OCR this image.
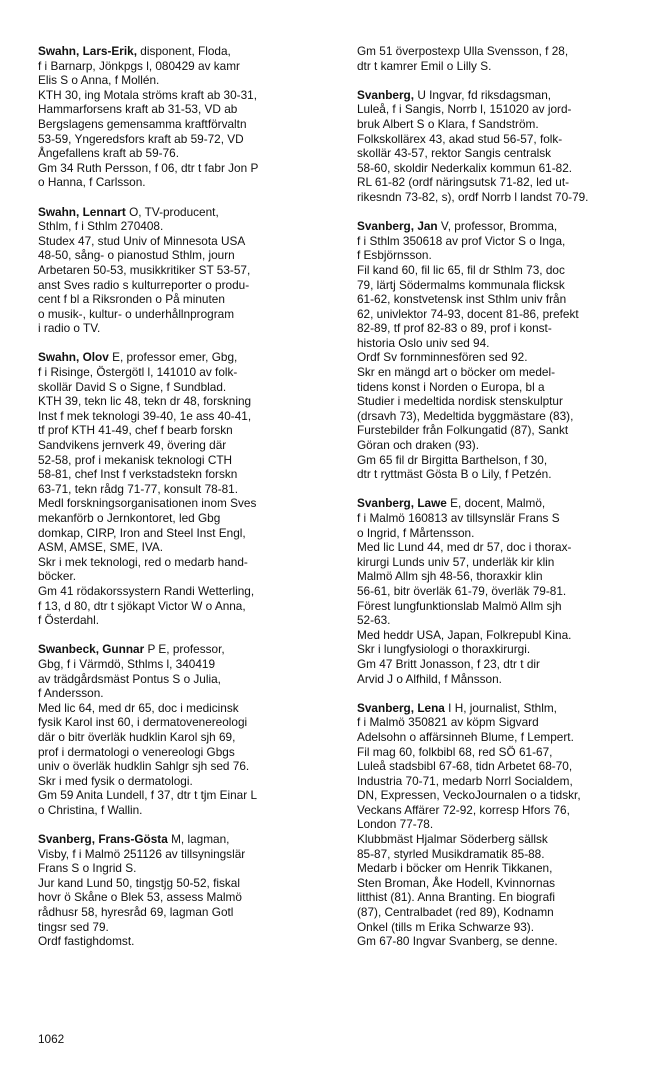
Swahn, Lars-Erik, disponent, Floda,
f i Barnarp, Jönkpgs l, 080429 av kamr
Elis S o Anna, f Mollén.
KTH 30, ing Motala ströms kraft ab 30-31,
Hammarforsens kraft ab 31-53, VD ab
Bergslagens gemensamma kraftförvaltn
53-59, Yngeredsfors kraft ab 59-72, VD
Ångefallens kraft ab 59-76.
Gm 34 Ruth Persson, f 06, dtr t fabr Jon P
o Hanna, f Carlsson.
Swahn, Lennart O, TV-producent,
Sthlm, f i Sthlm 270408.
Studex 47, stud Univ of Minnesota USA
48-50, sång- o pianostud Sthlm, journ
Arbetaren 50-53, musikkritiker ST 53-57,
anst Sves radio s kulturreporter o produ-
cent f bl a Riksronden o På minuten
o musik-, kultur- o underhållnprogram
i radio o TV.
Swahn, Olov E, professor emer, Gbg,
f i Risinge, Östergötl l, 141010 av folk-
skollär David S o Signe, f Sundblad.
KTH 39, tekn lic 48, tekn dr 48, forskning
Inst f mek teknologi 39-40, 1e ass 40-41,
tf prof KTH 41-49, chef f bearb forskn
Sandvikens jernverk 49, övering där
52-58, prof i mekanisk teknologi CTH
58-81, chef Inst f verkstadstekn forskn
63-71, tekn rådg 71-77, konsult 78-81.
Medl forskningsorganisationen inom Sves
mekanförb o Jernkontoret, led Gbg
domkap, CIRP, Iron and Steel Inst Engl,
ASM, AMSE, SME, IVA.
Skr i mek teknologi, red o medarb hand-
böcker.
Gm 41 rödakorssystern Randi Wetterling,
f 13, d 80, dtr t sjökapt Victor W o Anna,
f Österdahl.
Swanbeck, Gunnar P E, professor,
Gbg, f i Värmdö, Sthlms l, 340419
av trädgårdsmäst Pontus S o Julia,
f Andersson.
Med lic 64, med dr 65, doc i medicinsk
fysik Karol inst 60, i dermatovenereologi
där o bitr överläk hudklin Karol sjh 69,
prof i dermatologi o venereologi Gbgs
univ o överläk hudklin Sahlgr sjh sed 76.
Skr i med fysik o dermatologi.
Gm 59 Anita Lundell, f 37, dtr t tjm Einar L
o Christina, f Wallin.
Svanberg, Frans-Gösta M, lagman,
Visby, f i Malmö 251126 av tillsyningslär
Frans S o Ingrid S.
Jur kand Lund 50, tingstjg 50-52, fiskal
hovr ö Skåne o Blek 53, assess Malmö
rådhusr 58, hyresråd 69, lagman Gotl
tingsr sed 79.
Ordf fastighdomst.
Gm 51 överpostexp Ulla Svensson, f 28,
dtr t kamrer Emil o Lilly S.
Svanberg, U Ingvar, fd riksdagsman,
Luleå, f i Sangis, Norrb l, 151020 av jord-
bruk Albert S o Klara, f Sandström.
Folkskollärex 43, akad stud 56-57, folk-
skollär 43-57, rektor Sangis centralsk
58-60, skoldir Nederkalix kommun 61-82.
RL 61-82 (ordf näringsutsk 71-82, led ut-
rikesndn 73-82, s), ordf Norrb l landst 70-79.
Svanberg, Jan V, professor, Bromma,
f i Sthlm 350618 av prof Victor S o Inga,
f Esbjörnsson.
Fil kand 60, fil lic 65, fil dr Sthlm 73, doc
79, lärtj Södermalms kommunala flicksk
61-62, konstvetensk inst Sthlm univ från
62, univlektor 74-93, docent 81-86, prefekt
82-89, tf prof 82-83 o 89, prof i konst-
historia Oslo univ sed 94.
Ordf Sv fornminnesfören sed 92.
Skr en mängd art o böcker om medel-
tidens konst i Norden o Europa, bl a
Studier i medeltida nordisk stenskulptur
(drsavh 73), Medeltida byggmästare (83),
Furstebilder från Folkungatid (87), Sankt
Göran och draken (93).
Gm 65 fil dr Birgitta Barthelson, f 30,
dtr t ryttmäst Gösta B o Lily, f Petzén.
Svanberg, Lawe E, docent, Malmö,
f i Malmö 160813 av tillsynslär Frans S
o Ingrid, f Mårtensson.
Med lic Lund 44, med dr 57, doc i thorax-
kirurgi Lunds univ 57, underläk kir klin
Malmö Allm sjh 48-56, thoraxkir klin
56-61, bitr överläk 61-79, överläk 79-81.
Förest lungfunktionslab Malmö Allm sjh
52-63.
Med heddr USA, Japan, Folkrepubl Kina.
Skr i lungfysiologi o thoraxkirurgi.
Gm 47 Britt Jonasson, f 23, dtr t dir
Arvid J o Alfhild, f Månsson.
Svanberg, Lena I H, journalist, Sthlm,
f i Malmö 350821 av köpm Sigvard
Adelsohn o affärsinneh Blume, f Lempert.
Fil mag 60, folkbibl 68, red SÖ 61-67,
Luleå stadsbibl 67-68, tidn Arbetet 68-70,
Industria 70-71, medarb Norrl Socialdem,
DN, Expressen, VeckoJournalen o a tidskr,
Veckans Affärer 72-92, korresp Hfors 76,
London 77-78.
Klubbmäst Hjalmar Söderberg sällsk
85-87, styrled Musikdramatik 85-88.
Medarb i böcker om Henrik Tikkanen,
Sten Broman, Åke Hodell, Kvinnornas
litthist (81). Anna Branting. En biografi
(87), Centralbadet (red 89), Kodnamn
Onkel (tills m Erika Schwarze 93).
Gm 67-80 Ingvar Svanberg, se denne.
1062
